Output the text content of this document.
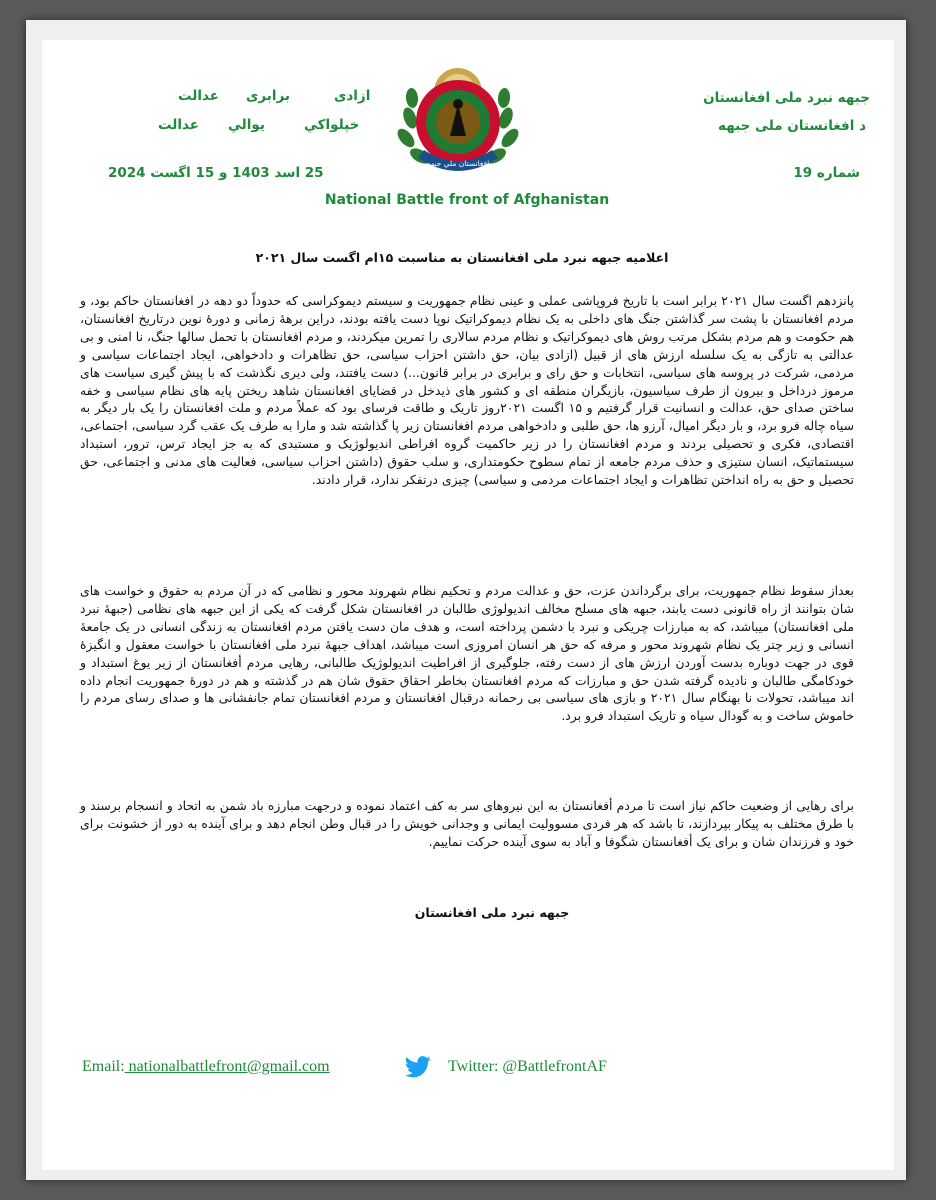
جبهه نبرد ملی افغانستان
د افغانستان ملی جبهه
عدالت برابری	ازادی
عدالت يوالي	خپلواکي
افغانستان ملي جبهه
شماره 19
25 اسد 1403 و 15 اگست 2024
National Battle front of Afghanistan
اعلامیه جبهه نبرد ملی افغانستان به مناسبت ۱۵ام اگست سال ۲۰۲۱
پانزدهم اگست سال ۲۰۲۱ برابر است با تاریخ فروپاشی عملی و عینی نظام جمهوریت و سیستم دیموکراسی که حدوداً دو دهه در افغانستان حاکم بود، و مردم افغانستان با پشت سر گذاشتن جنگ های داخلی به یک نظام دیموکراتیک نوپا دست یافته بودند، دراین برهۀ زمانی و دورۀ نوین درتاریخ افغانستان، هم حکومت و هم مردم بشکل مرتب روش های دیموکراتیک و نظام مردم سالاری را تمرین میکردند، و مردم افغانستان با تحمل سالها جنگ، نا امنی و بی عدالتی به تازگی به یک سلسله ارزش های از قبیل (ازادی بیان، حق داشتن احزاب سیاسی، حق تظاهرات و دادخواهی، ایجاد اجتماعات سیاسی و مردمی، شرکت در پروسه های سیاسی، انتخابات و حق رای و برابری در برابر قانون...) دست یافتند، ولی دیری نگذشت که با پیش گیری سیاست های مرموز درداخل و بیرون از طرف سیاسیون، بازیگران منطقه ای و کشور های ذیدخل در قضایای افغانستان شاهد ریختن پایه های نظام سیاسی و خفه ساختن صدای حق، عدالت و انسانیت قرار گرفتیم و ۱۵ اگست ۲۰۲۱روز تاریک و طاقت فرسای بود که عملاً مردم و ملت افغانستان را یک بار دیگر به سیاه چاله فرو برد، و بار دیگر امیال، آرزو ها، حق طلبی و دادخواهی مردم افغانستان زیر پا گذاشته شد و مارا به طرف یک عقب گرد سیاسی، اجتماعی، اقتصادی، فکری و تحصیلی بردند و مردم افغانستان را در زیر حاکمیت گروه افراطی اندیولوژیک و مستبدی که به جز ایجاد ترس، ترور، استبداد سیستماتیک، انسان ستیزی و حذف مردم جامعه از تمام سطوح حکومتداری، و سلب حقوق (داشتن احزاب سیاسی، فعالیت های مدنی و اجتماعی، حق تحصیل و حق به راه انداختن تظاهرات و ایجاد اجتماعات مردمی و سیاسی) چیزی درتفکر ندارد، قرار دادند.
بعداز سقوط نظام جمهوریت، برای برگرداندن عزت، حق و عدالت مردم و تحکیم نظام شهروند محور و نظامی که در آن مردم به حقوق و خواست های شان بتوانند از راه قانونی دست یابند، جبهه های مسلح مخالف اندیولوژی طالبان در افغانستان شکل گرفت که یکی از این جبهه های نظامی (جبهۀ نبرد ملی افغانستان) میباشد، که به مبارزات چریکی و نبرد با دشمن پرداخته است، و هدف مان دست یافتن مردم افغانستان به زندگی انسانی در یک جامعۀ انسانی و زیر چتر یک نظام شهروند محور و مرفه که حق هر انسان امروزی است میباشد، اهداف جبهۀ نبرد ملی افغانستان با خواست معقول و انگیزۀ قوی در جهت دوباره بدست آوردن ارزش های از دست رفته، جلوگیری از افراطیت اندیولوژیک طالبانی، رهایی مردم أفغانستان از زیر یوغ استبداد و خودکامگی طالبان و نادیده گرفته شدن حق و مبارزات که مردم افغانستان بخاطر احقاق حقوق شان هم در گذشته و هم در دورۀ جمهوریت انجام داده اند میباشد، تحولات نا بهنگام سال ۲۰۲۱ و بازی های سیاسی بی رحمانه درقبال افغانستان و مردم افغانستان تمام جانفشانی ها و صدای رسای مردم را خاموش ساخت و به گودال سیاه و تاریک استبداد فرو برد.
برای رهایی از وضعیت حاکم نیاز است تا مردم أفغانستان به این نیروهای سر به کف اعتماد نموده و درجهت مبارزه باد شمن به اتحاد و انسجام برسند و با طرق مختلف به پیکار بپردازند، تا باشد که هر فردی مسوولیت ایمانی و وجدانی خویش را در قبال وطن انجام دهد و برای آینده به دور از خشونت برای خود و فرزندان شان و برای یک أفغانستان شگوفا و آباد به سوی آینده حرکت نماییم.
جبهه نبرد ملی افغانستان
Email: nationalbattlefront@gmail.com	Twitter: @BattlefrontAF
